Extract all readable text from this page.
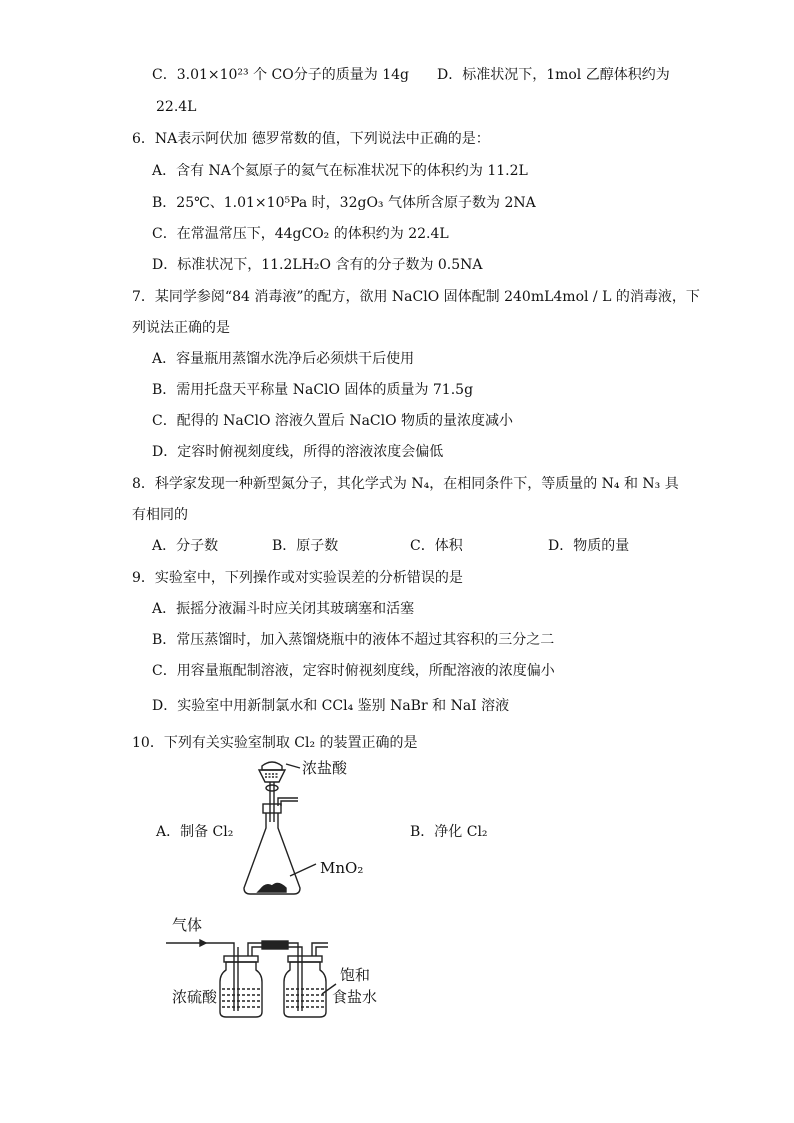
C．3.01×10²³ 个 CO分子的质量为 14g　　D．标准状况下，1mol 乙醇体积约为
22.4L
6．NA表示阿伏加 德罗常数的值，下列说法中正确的是：
A．含有 NA个氦原子的氦气在标准状况下的体积约为 11.2L
B．25℃、1.01×10⁵Pa 时，32gO₃ 气体所含原子数为 2NA
C．在常温常压下，44gCO₂ 的体积约为 22.4L
D．标准状况下，11.2LH₂O 含有的分子数为 0.5NA
7．某同学参阅“84 消毒液”的配方，欲用 NaClO 固体配制 240mL4mol / L 的消毒液，下
列说法正确的是
A．容量瓶用蒸馏水洗净后必须烘干后使用
B．需用托盘天平称量 NaClO 固体的质量为 71.5g
C．配得的 NaClO 溶液久置后 NaClO 物质的量浓度减小
D．定容时俯视刻度线，所得的溶液浓度会偏低
8．科学家发现一种新型氮分子，其化学式为 N₄，在相同条件下，等质量的 N₄ 和 N₃ 具
有相同的
A．分子数	B．原子数	C．体积	D．物质的量
9．实验室中，下列操作或对实验误差的分析错误的是
A．振摇分液漏斗时应关闭其玻璃塞和活塞
B．常压蒸馏时，加入蒸馏烧瓶中的液体不超过其容积的三分之二
C．用容量瓶配制溶液，定容时俯视刻度线，所配溶液的浓度偏小
D．实验室中用新制氯水和 CCl₄ 鉴别 NaBr 和 NaI 溶液
10．下列有关实验室制取 Cl₂ 的装置正确的是
A．制备 Cl₂	B．净化 Cl₂
浓盐酸
MnO₂
气体
浓硫酸
饱和
食盐水
